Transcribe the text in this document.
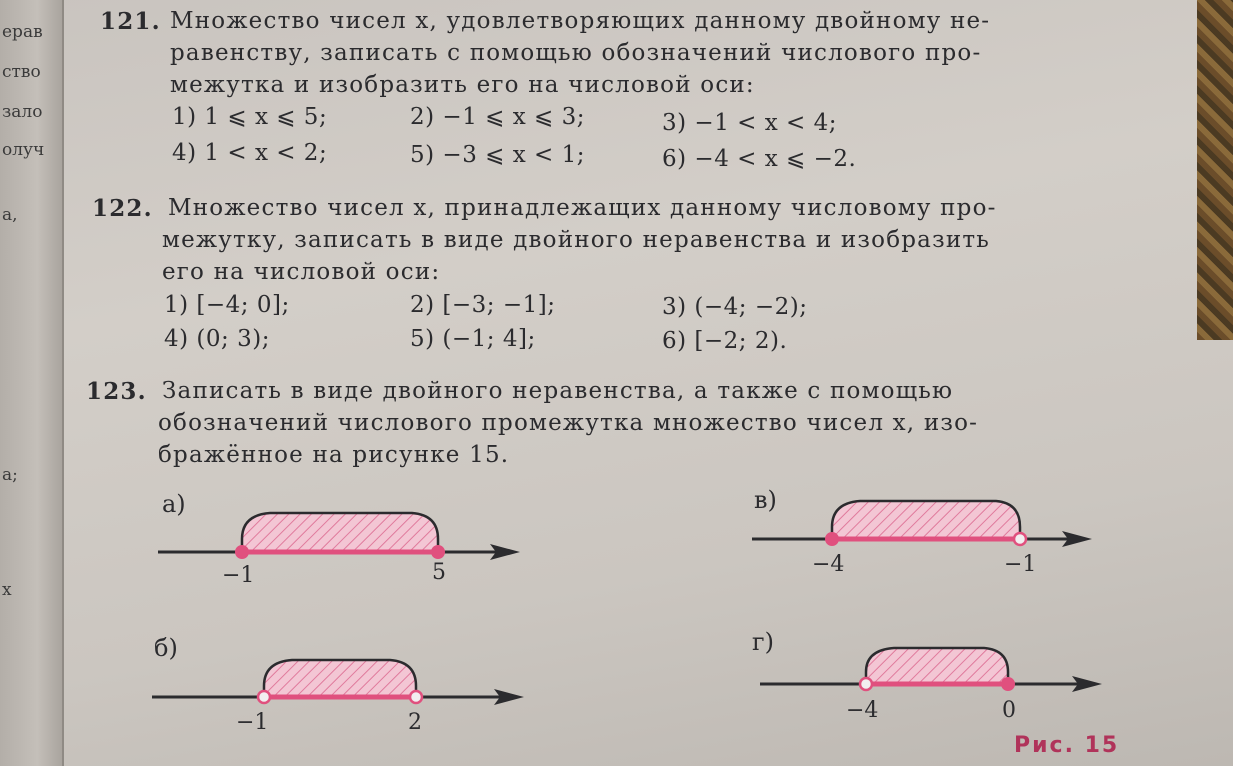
ерав
ство
зало
олуч
а,
а;
х
121. Множество чисел x, удовлетворяющих данному двойному не-
равенству, записать с помощью обозначений числового про-
межутка и изобразить его на числовой оси:
1) 1 ⩽ x ⩽ 5;	2) −1 ⩽ x ⩽ 3;	3) −1 < x < 4;
4) 1 < x < 2;	5) −3 ⩽ x < 1;	6) −4 < x ⩽ −2.
122. Множество чисел x, принадлежащих данному числовому про-
межутку, записать в виде двойного неравенства и изобразить
его на числовой оси:
1) [−4; 0];	2) [−3; −1];	3) (−4; −2);
4) (0; 3);	5) (−1; 4];	6) [−2; 2).
123. Записать в виде двойного неравенства, а также с помощью
обозначений числового промежутка множество чисел x, изо-
бражённое на рисунке 15.
а)	в)
б)	г)
−1	5	−4	−1
−1	2	−4	0
Рис. 15
